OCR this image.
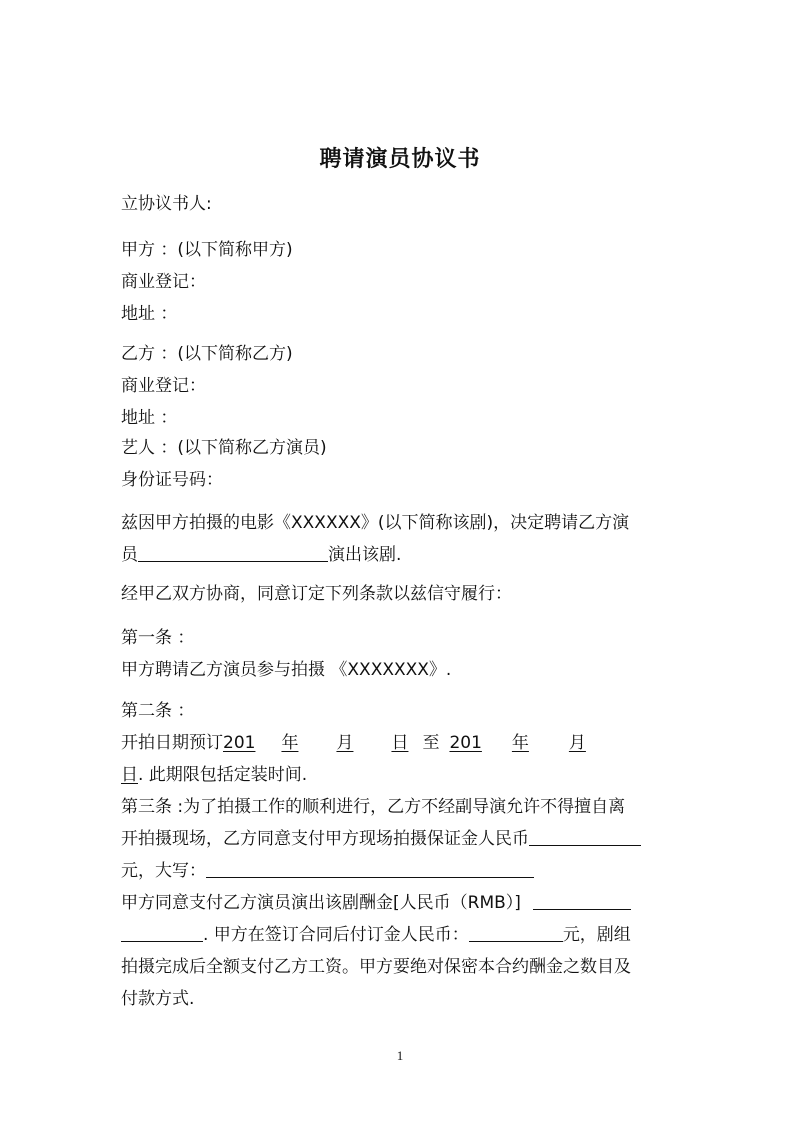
聘请演员协议书
立协议书人:
甲方 ：(以下简称甲方)
商业登记：
地址 ：
乙方 ：(以下简称乙方)
商业登记：
地址 ：
艺人 ：(以下简称乙方演员)
身份证号码：
兹因甲方拍摄的电影《XXXXXX》(以下简称该剧)，决定聘请乙方演
员	演出该剧.
经甲乙双方协商，同意订定下列条款以兹信守履行：
第一条 ：
甲方聘请乙方演员参与拍摄 《XXXXXXX》.
第二条 ：
开拍日期预订201 年 月 日 至 201 年 月
日. 此期限包括定装时间.
第三条 :为了拍摄工作的顺利进行，乙方不经副导演允许不得擅自离
开拍摄现场，乙方同意支付甲方现场拍摄保证金人民币
元，大写：
甲方同意支付乙方演员演出该剧酬金[人民币（RMB）]
. 甲方在签订合同后付订金人民币：	元，剧组
拍摄完成后全额支付乙方工资。甲方要绝对保密本合约酬金之数目及
付款方式.
1
